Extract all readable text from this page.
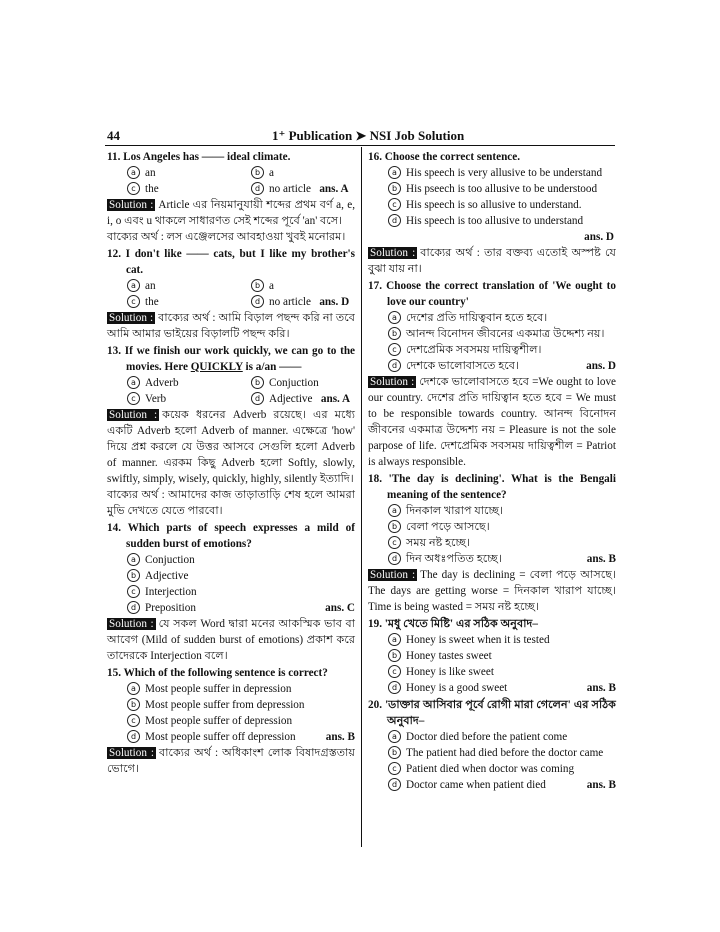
44	1⁺ Publication ➤ NSI Job Solution
11. Los Angeles has —— ideal climate.
a an	b a
c the	d no article ans. A
Solution : Article এর নিয়মানুযায়ী শব্দের প্রথম বর্ণ a, e, i, o এবং u থাকলে সাধারণত সেই শব্দের পূর্বে 'an' বসে।
বাক্যের অর্থ : লস এঞ্জেলসের আবহাওয়া খুবই মনোরম।
12. I don't like —— cats, but I like my brother's cat.
a an	b a
c the	d no article ans. D
Solution : বাক্যের অর্থ : আমি বিড়াল পছন্দ করি না তবে আমি আমার ভাইয়ের বিড়ালটি পছন্দ করি।
13. If we finish our work quickly, we can go to the movies. Here QUICKLY is a/an ——
a Adverb	b Conjuction
c Verb	d Adjective ans. A
Solution : কয়েক ধরনের Adverb রয়েছে। এর মধ্যে একটি Adverb হলো Adverb of manner. এক্ষেত্রে 'how' দিয়ে প্রশ্ন করলে যে উত্তর আসবে সেগুলি হলো Adverb of manner. এরকম কিছু Adverb হলো Softly, slowly, swiftly, simply, wisely, quickly, highly, silently ইত্যাদি।
বাক্যের অর্থ : আমাদের কাজ তাড়াতাড়ি শেষ হলে আমরা মুভি দেখতে যেতে পারবো।
14. Which parts of speech expresses a mild of sudden burst of emotions?
a Conjuction
b Adjective
c Interjection
d Preposition	ans. C
Solution : যে সকল Word দ্বারা মনের আকস্মিক ভাব বা আবেগ (Mild of sudden burst of emotions) প্রকাশ করে তাদেরকে Interjection বলে।
15. Which of the following sentence is correct?
a Most people suffer in depression
b Most people suffer from depression
c Most people suffer of depression
d Most people suffer off depression	ans. B
Solution : বাক্যের অর্থ : অধিকাংশ লোক বিষাদগ্রস্ততায় ভোগে।
16. Choose the correct sentence.
a His speech is very allusive to be understand
b His pseech is too allusive to be understood
c His speech is so allusive to understand.
d His speech is too allusive to understand
ans. D
Solution : বাক্যের অর্থ : তার বক্তব্য এতোই অস্পষ্ট যে বুঝা যায় না।
17. Choose the correct translation of 'We ought to love our country'
a দেশের প্রতি দায়িত্ববান হতে হবে।
b আনন্দ বিনোদন জীবনের একমাত্র উদ্দেশ্য নয়।
c দেশপ্রেমিক সবসময় দায়িত্বশীল।
d দেশকে ভালোবাসতে হবে।	ans. D
Solution : দেশকে ভালোবাসতে হবে =We ought to love our country. দেশের প্রতি দায়িত্বান হতে হবে = We must to be responsible towards country. আনন্দ বিনোদন জীবনের একমাত্র উদ্দেশ্য নয় = Pleasure is not the sole parpose of life. দেশপ্রেমিক সবসময় দায়িত্বশীল = Patriot is always responsible.
18. 'The day is declining'. What is the Bengali meaning of the sentence?
a দিনকাল খারাপ যাচ্ছে।
b বেলা পড়ে আসছে।
c সময় নষ্ট হচ্ছে।
d দিন অধঃপতিত হচ্ছে।	ans. B
Solution : The day is declining = বেলা পড়ে আসছে। The days are getting worse = দিনকাল খারাপ যাচ্ছে। Time is being wasted = সময় নষ্ট হচ্ছে।
19. 'মধু খেতে মিষ্টি' এর সঠিক অনুবাদ–
a Honey is sweet when it is tested
b Honey tastes sweet
c Honey is like sweet
d Honey is a good sweet	ans. B
20. 'ডাক্তার আসিবার পূর্বে রোগী মারা গেলেন' এর সঠিক অনুবাদ–
a Doctor died before the patient come
b The patient had died before the doctor came
c Patient died when doctor was coming
d Doctor came when patient died	ans. B
